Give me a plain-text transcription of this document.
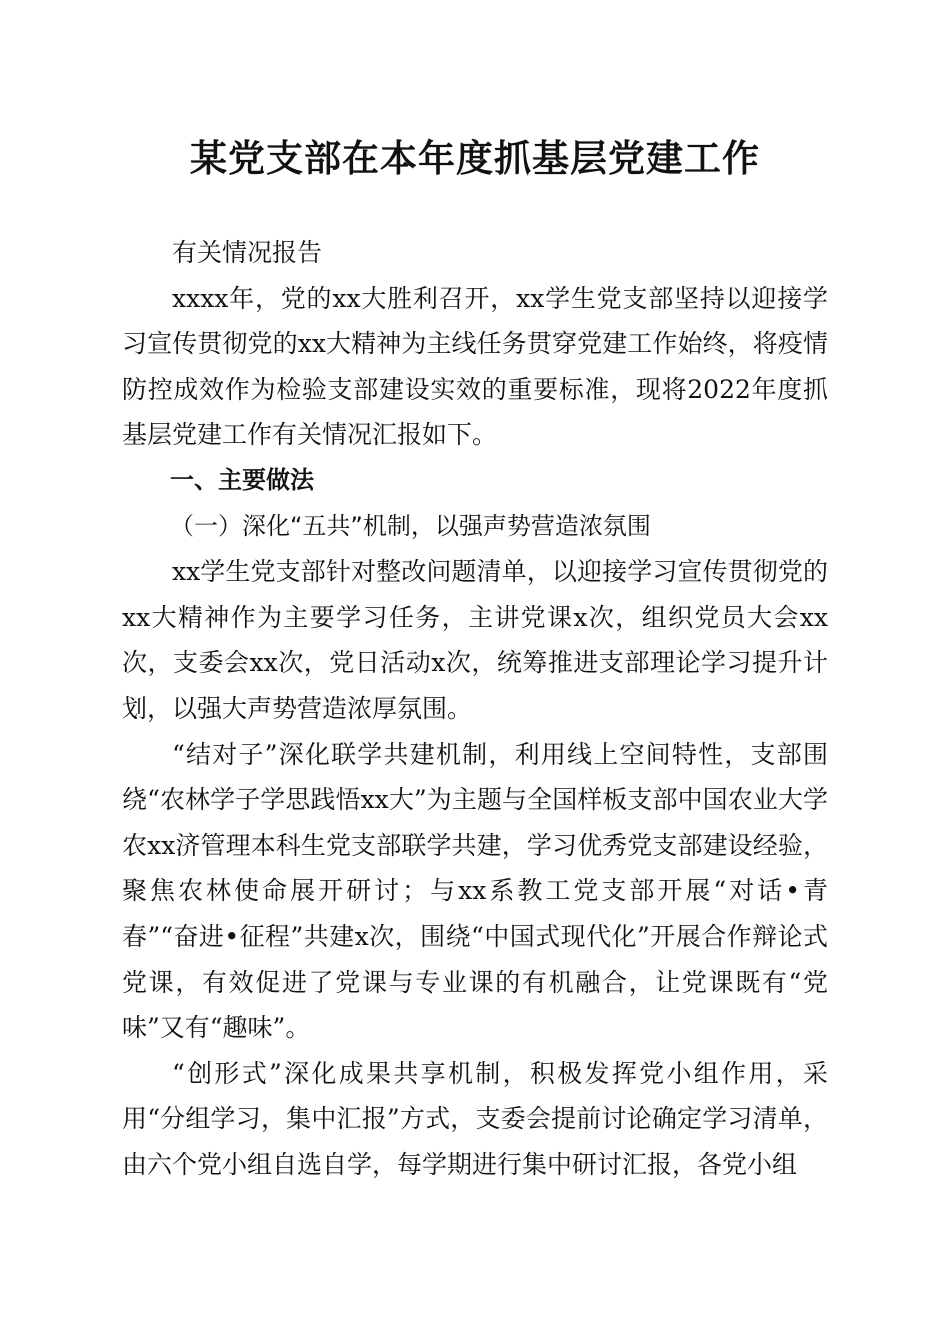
某党支部在本年度抓基层党建工作

有关情况报告

xxxx年，党的xx大胜利召开，xx学生党支部坚持以迎接学习宣传贯彻党的xx大精神为主线任务贯穿党建工作始终，将疫情防控成效作为检验支部建设实效的重要标准，现将2022年度抓基层党建工作有关情况汇报如下。

一、主要做法

（一）深化“五共”机制，以强声势营造浓氛围

xx学生党支部针对整改问题清单，以迎接学习宣传贯彻党的xx大精神作为主要学习任务，主讲党课x次，组织党员大会xx次，支委会xx次，党日活动x次，统筹推进支部理论学习提升计划，以强大声势营造浓厚氛围。

“结对子”深化联学共建机制，利用线上空间特性，支部围绕“农林学子学思践悟xx大”为主题与全国样板支部中国农业大学农xx济管理本科生党支部联学共建，学习优秀党支部建设经验，聚焦农林使命展开研讨；与xx系教工党支部开展“对话•青春”“奋进•征程”共建x次，围绕“中国式现代化”开展合作辩论式党课，有效促进了党课与专业课的有机融合，让党课既有“党味”又有“趣味”。

“创形式”深化成果共享机制，积极发挥党小组作用，采用“分组学习，集中汇报”方式，支委会提前讨论确定学习清单，由六个党小组自选自学，每学期进行集中研讨汇报，各党小组
